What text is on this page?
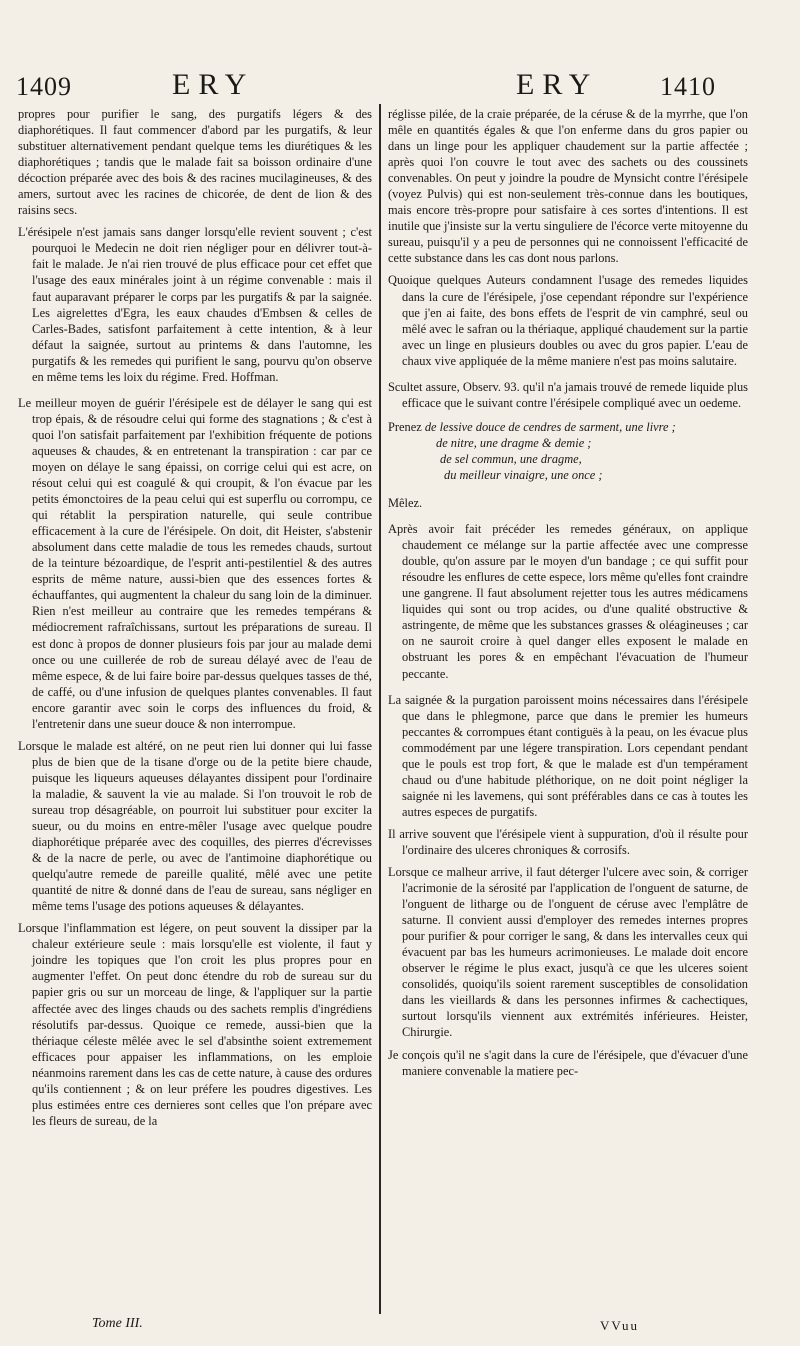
1409	ERY	ERY 1410

propres pour purifier le sang, des purgatifs légers & des diaphorétiques. Il faut commencer d'abord par les purgatifs, & leur substituer alternativement pendant quelque tems les diurétiques & les diaphorétiques ; tandis que le malade fait sa boisson ordinaire d'une décoction préparée avec des bois & des racines mucilagineuses, & des amers, surtout avec les racines de chicorée, de dent de lion & des raisins secs.

L'érésipele n'est jamais sans danger lorsqu'elle revient souvent ; c'est pourquoi le Medecin ne doit rien négliger pour en délivrer tout-à-fait le malade. Je n'ai rien trouvé de plus efficace pour cet effet que l'usage des eaux minérales joint à un régime convenable : mais il faut auparavant préparer le corps par les purgatifs & par la saignée. Les aigrelettes d'Egra, les eaux chaudes d'Embsen & celles de Carles-Bades, satisfont parfaitement à cette intention, & à leur défaut la saignée, surtout au printems & dans l'automne, les purgatifs & les remedes qui purifient le sang, pourvu qu'on observe en même tems les loix du régime. Fred. Hoffman.

Le meilleur moyen de guérir l'érésipele est de délayer le sang qui est trop épais, & de résoudre celui qui forme des stagnations ; & c'est à quoi l'on satisfait parfaitement par l'exhibition fréquente de potions aqueuses & chaudes, & en entretenant la transpiration : car par ce moyen on délaye le sang épaissi, on corrige celui qui est acre, on résout celui qui est coagulé & qui croupit, & l'on évacue par les petits émonctoires de la peau celui qui est superflu ou corrompu, ce qui rétablit la perspiration naturelle, qui seule contribue efficacement à la cure de l'érésipele. On doit, dit Heister, s'abstenir absolument dans cette maladie de tous les remedes chauds, surtout de la teinture bézoardique, de l'esprit anti-pestilentiel & des autres esprits de même nature, aussi-bien que des essences fortes & échauffantes, qui augmentent la chaleur du sang loin de la diminuer. Rien n'est meilleur au contraire que les remedes tempérans & médiocrement rafraîchissans, surtout les préparations de sureau. Il est donc à propos de donner plusieurs fois par jour au malade demi once ou une cuillerée de rob de sureau délayé avec de l'eau de même espece, & de lui faire boire par-dessus quelques tasses de thé, de caffé, ou d'une infusion de quelques plantes convenables. Il faut encore garantir avec soin le corps des influences du froid, & l'entretenir dans une sueur douce & non interrompue.

Lorsque le malade est altéré, on ne peut rien lui donner qui lui fasse plus de bien que de la tisane d'orge ou de la petite biere chaude, puisque les liqueurs aqueuses délayantes dissipent pour l'ordinaire la maladie, & sauvent la vie au malade. Si l'on trouvoit le rob de sureau trop désagréable, on pourroit lui substituer pour exciter la sueur, ou du moins en entre-mêler l'usage avec quelque poudre diaphorétique préparée avec des coquilles, des pierres d'écrevisses & de la nacre de perle, ou avec de l'antimoine diaphorétique ou quelqu'autre remede de pareille qualité, mêlé avec une petite quantité de nitre & donné dans de l'eau de sureau, sans négliger en même tems l'usage des potions aqueuses & délayantes.

Lorsque l'inflammation est légere, on peut souvent la dissiper par la chaleur extérieure seule : mais lorsqu'elle est violente, il faut y joindre les topiques que l'on croit les plus propres pour en augmenter l'effet. On peut donc étendre du rob de sureau sur du papier gris ou sur un morceau de linge, & l'appliquer sur la partie affectée avec des linges chauds ou des sachets remplis d'ingrédiens résolutifs par-dessus. Quoique ce remede, aussi-bien que la thériaque céleste mêlée avec le sel d'absinthe soient extremement efficaces pour appaiser les inflammations, on les emploie néanmoins rarement dans les cas de cette nature, à cause des ordures qu'ils contiennent ; & on leur préfere les poudres digestives. Les plus estimées entre ces dernieres sont celles que l'on prépare avec les fleurs de sureau, de la

réglisse pilée, de la craie préparée, de la céruse & de la myrrhe, que l'on mêle en quantités égales & que l'on enferme dans du gros papier ou dans un linge pour les appliquer chaudement sur la partie affectée ; après quoi l'on couvre le tout avec des sachets ou des coussinets convenables. On peut y joindre la poudre de Mynsicht contre l'érésipele (voyez Pulvis) qui est non-seulement très-connue dans les boutiques, mais encore très-propre pour satisfaire à ces sortes d'intentions. Il est inutile que j'insiste sur la vertu singuliere de l'écorce verte mitoyenne du sureau, puisqu'il y a peu de personnes qui ne connoissent l'efficacité de cette substance dans les cas dont nous parlons.

Quoique quelques Auteurs condamnent l'usage des remedes liquides dans la cure de l'érésipele, j'ose cependant répondre sur l'expérience que j'en ai faite, des bons effets de l'esprit de vin camphré, seul ou mêlé avec le safran ou la thériaque, appliqué chaudement sur la partie avec un linge en plusieurs doubles ou avec du gros papier. L'eau de chaux vive appliquée de la même maniere n'est pas moins salutaire.

Scultet assure, Observ. 93. qu'il n'a jamais trouvé de remede liquide plus efficace que le suivant contre l'érésipele compliqué avec un oedeme.

Prenez de lessive douce de cendres de sarment, une livre ;

de nitre, une dragme & demie ;

de sel commun, une dragme,

du meilleur vinaigre, une once ;

Mêlez.

Après avoir fait précéder les remedes généraux, on applique chaudement ce mélange sur la partie affectée avec une compresse double, qu'on assure par le moyen d'un bandage ; ce qui suffit pour résoudre les enflures de cette espece, lors même qu'elles font craindre une gangrene. Il faut absolument rejetter tous les autres médicamens liquides qui sont ou trop acides, ou d'une qualité obstructive & astringente, de même que les substances grasses & oléagineuses ; car on ne sauroit croire à quel danger elles exposent le malade en obstruant les pores & en empêchant l'évacuation de l'humeur peccante.

La saignée & la purgation paroissent moins nécessaires dans l'érésipele que dans le phlegmone, parce que dans le premier les humeurs peccantes & corrompues étant contiguës à la peau, on les évacue plus commodément par une légere transpiration. Lors cependant pendant que le pouls est trop fort, & que le malade est d'un tempérament chaud ou d'une habitude pléthorique, on ne doit point négliger la saignée ni les lavemens, qui sont préférables dans ce cas à toutes les autres especes de purgatifs.

Il arrive souvent que l'érésipele vient à suppuration, d'où il résulte pour l'ordinaire des ulceres chroniques & corrosifs.

Lorsque ce malheur arrive, il faut déterger l'ulcere avec soin, & corriger l'acrimonie de la sérosité par l'application de l'onguent de saturne, de l'onguent de litharge ou de l'onguent de céruse avec l'emplâtre de saturne. Il convient aussi d'employer des remedes internes propres pour purifier & pour corriger le sang, & dans les intervalles ceux qui évacuent par bas les humeurs acrimonieuses. Le malade doit encore observer le régime le plus exact, jusqu'à ce que les ulceres soient consolidés, quoiqu'ils soient rarement susceptibles de consolidation dans les vieillards & dans les personnes infirmes & cachectiques, surtout lorsqu'ils viennent aux extrémités inférieures. Heister, Chirurgie.

Je conçois qu'il ne s'agit dans la cure de l'érésipele, que d'évacuer d'une maniere convenable la matiere pec-

Tome III.	VVuu
